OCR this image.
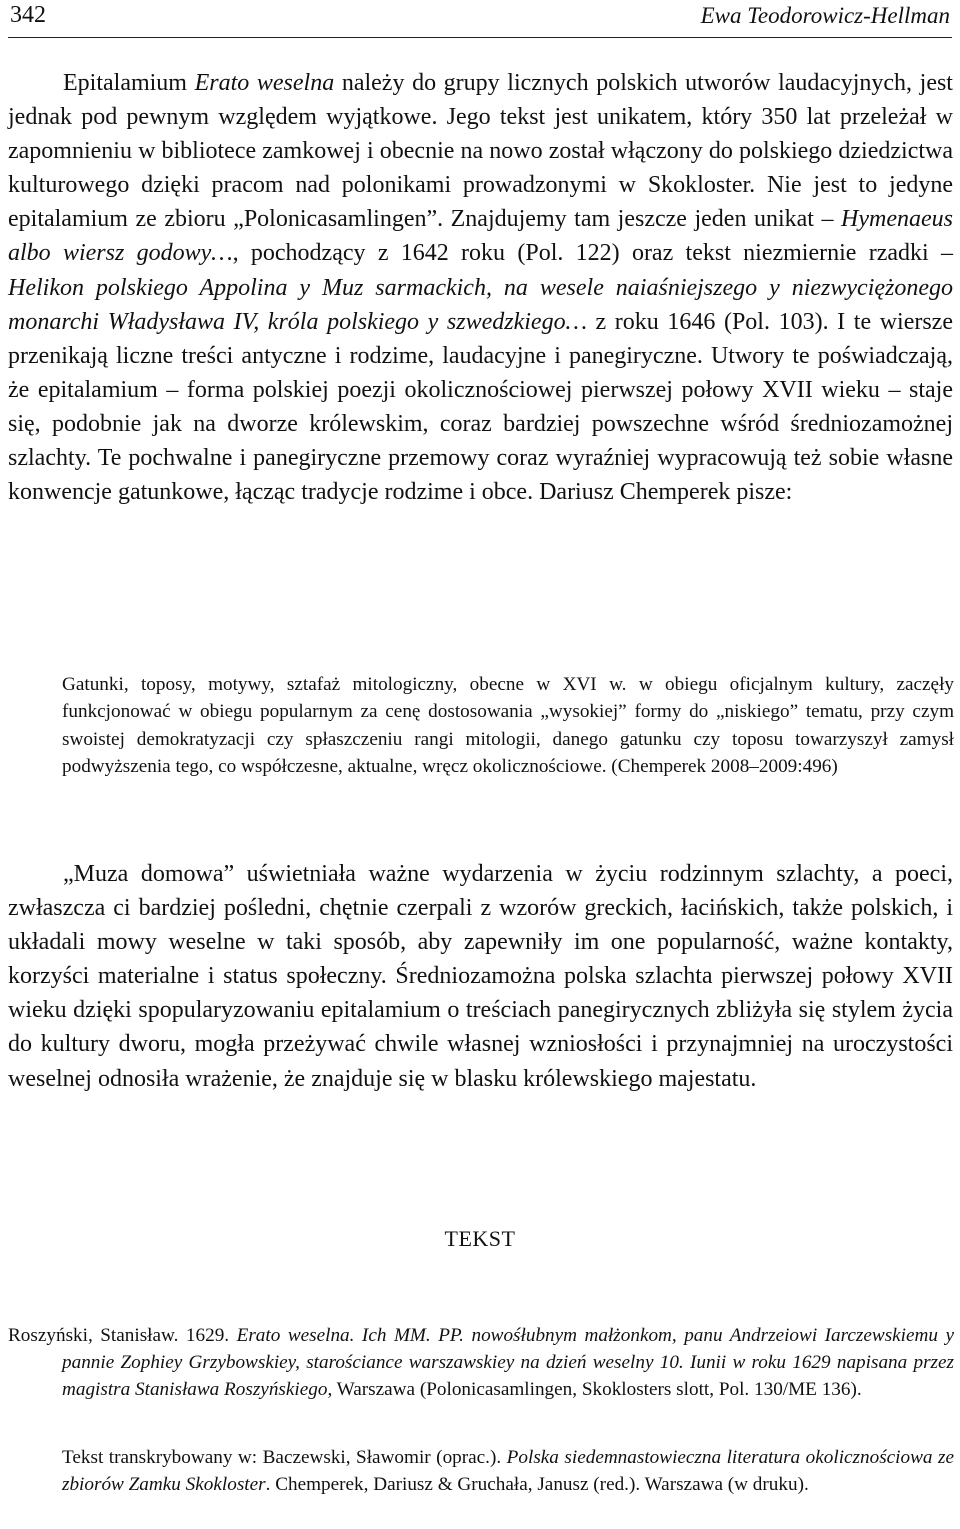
342	Ewa Teodorowicz-Hellman

Epitalamium Erato weselna należy do grupy licznych polskich utworów laudacyjnych, jest jednak pod pewnym względem wyjątkowe. Jego tekst jest unikatem, który 350 lat przeleżał w zapomnieniu w bibliotece zamkowej i obecnie na nowo został włączony do polskiego dziedzictwa kulturowego dzięki pracom nad polonikami prowadzonymi w Skokloster. Nie jest to jedyne epitalamium ze zbioru „Polonicasamlingen”. Znajdujemy tam jeszcze jeden unikat – Hymenaeus albo wiersz godowy…, pochodzący z 1642 roku (Pol. 122) oraz tekst niezmiernie rzadki – Helikon polskiego Appolina y Muz sarmackich, na wesele naiaśniejszego y niezwyciężonego monarchi Władysława IV, króla polskiego y szwedzkiego… z roku 1646 (Pol. 103). I te wiersze przenikają liczne treści antyczne i rodzime, laudacyjne i panegiryczne. Utwory te poświadczają, że epitalamium – forma polskiej poezji okolicznościowej pierwszej połowy XVII wieku – staje się, podobnie jak na dworze królewskim, coraz bardziej powszechne wśród średniozamożnej szlachty. Te pochwalne i panegiryczne przemowy coraz wyraźniej wypracowują też sobie własne konwencje gatunkowe, łącząc tradycje rodzime i obce. Dariusz Chemperek pisze:

Gatunki, toposy, motywy, sztafaż mitologiczny, obecne w XVI w. w obiegu oficjalnym kultury, zaczęły funkcjonować w obiegu popularnym za cenę dostosowania „wysokiej” formy do „niskiego” tematu, przy czym swoistej demokratyzacji czy spłaszczeniu rangi mitologii, danego gatunku czy toposu towarzyszył zamysł podwyższenia tego, co współczesne, aktualne, wręcz okolicznościowe. (Chemperek 2008–2009:496)

„Muza domowa” uświetniała ważne wydarzenia w życiu rodzinnym szlachty, a poeci, zwłaszcza ci bardziej pośledni, chętnie czerpali z wzorów greckich, łacińskich, także polskich, i układali mowy weselne w taki sposób, aby zapewniły im one popularność, ważne kontakty, korzyści materialne i status społeczny. Średniozamożna polska szlachta pierwszej połowy XVII wieku dzięki spopularyzowaniu epitalamium o treściach panegirycznych zbliżyła się stylem życia do kultury dworu, mogła przeżywać chwile własnej wzniosłości i przynajmniej na uroczystości weselnej odnosiła wrażenie, że znajduje się w blasku królewskiego majestatu.

TEKST

Roszyński, Stanisław. 1629. Erato weselna. Ich MM. PP. nowośłubnym małżonkom, panu Andrzeiowi Iarczewskiemu y pannie Zophiey Grzybowskiey, starościance warszawskiey na dzień weselny 10. Iunii w roku 1629 napisana przez magistra Stanisława Roszyńskiego, Warszawa (Polonicasamlingen, Skoklosters slott, Pol. 130/ME 136).

Tekst transkrybowany w: Baczewski, Sławomir (oprac.). Polska siedemnastowieczna literatura okolicznościowa ze zbiorów Zamku Skokloster. Chemperek, Dariusz & Gruchała, Janusz (red.). Warszawa (w druku).
